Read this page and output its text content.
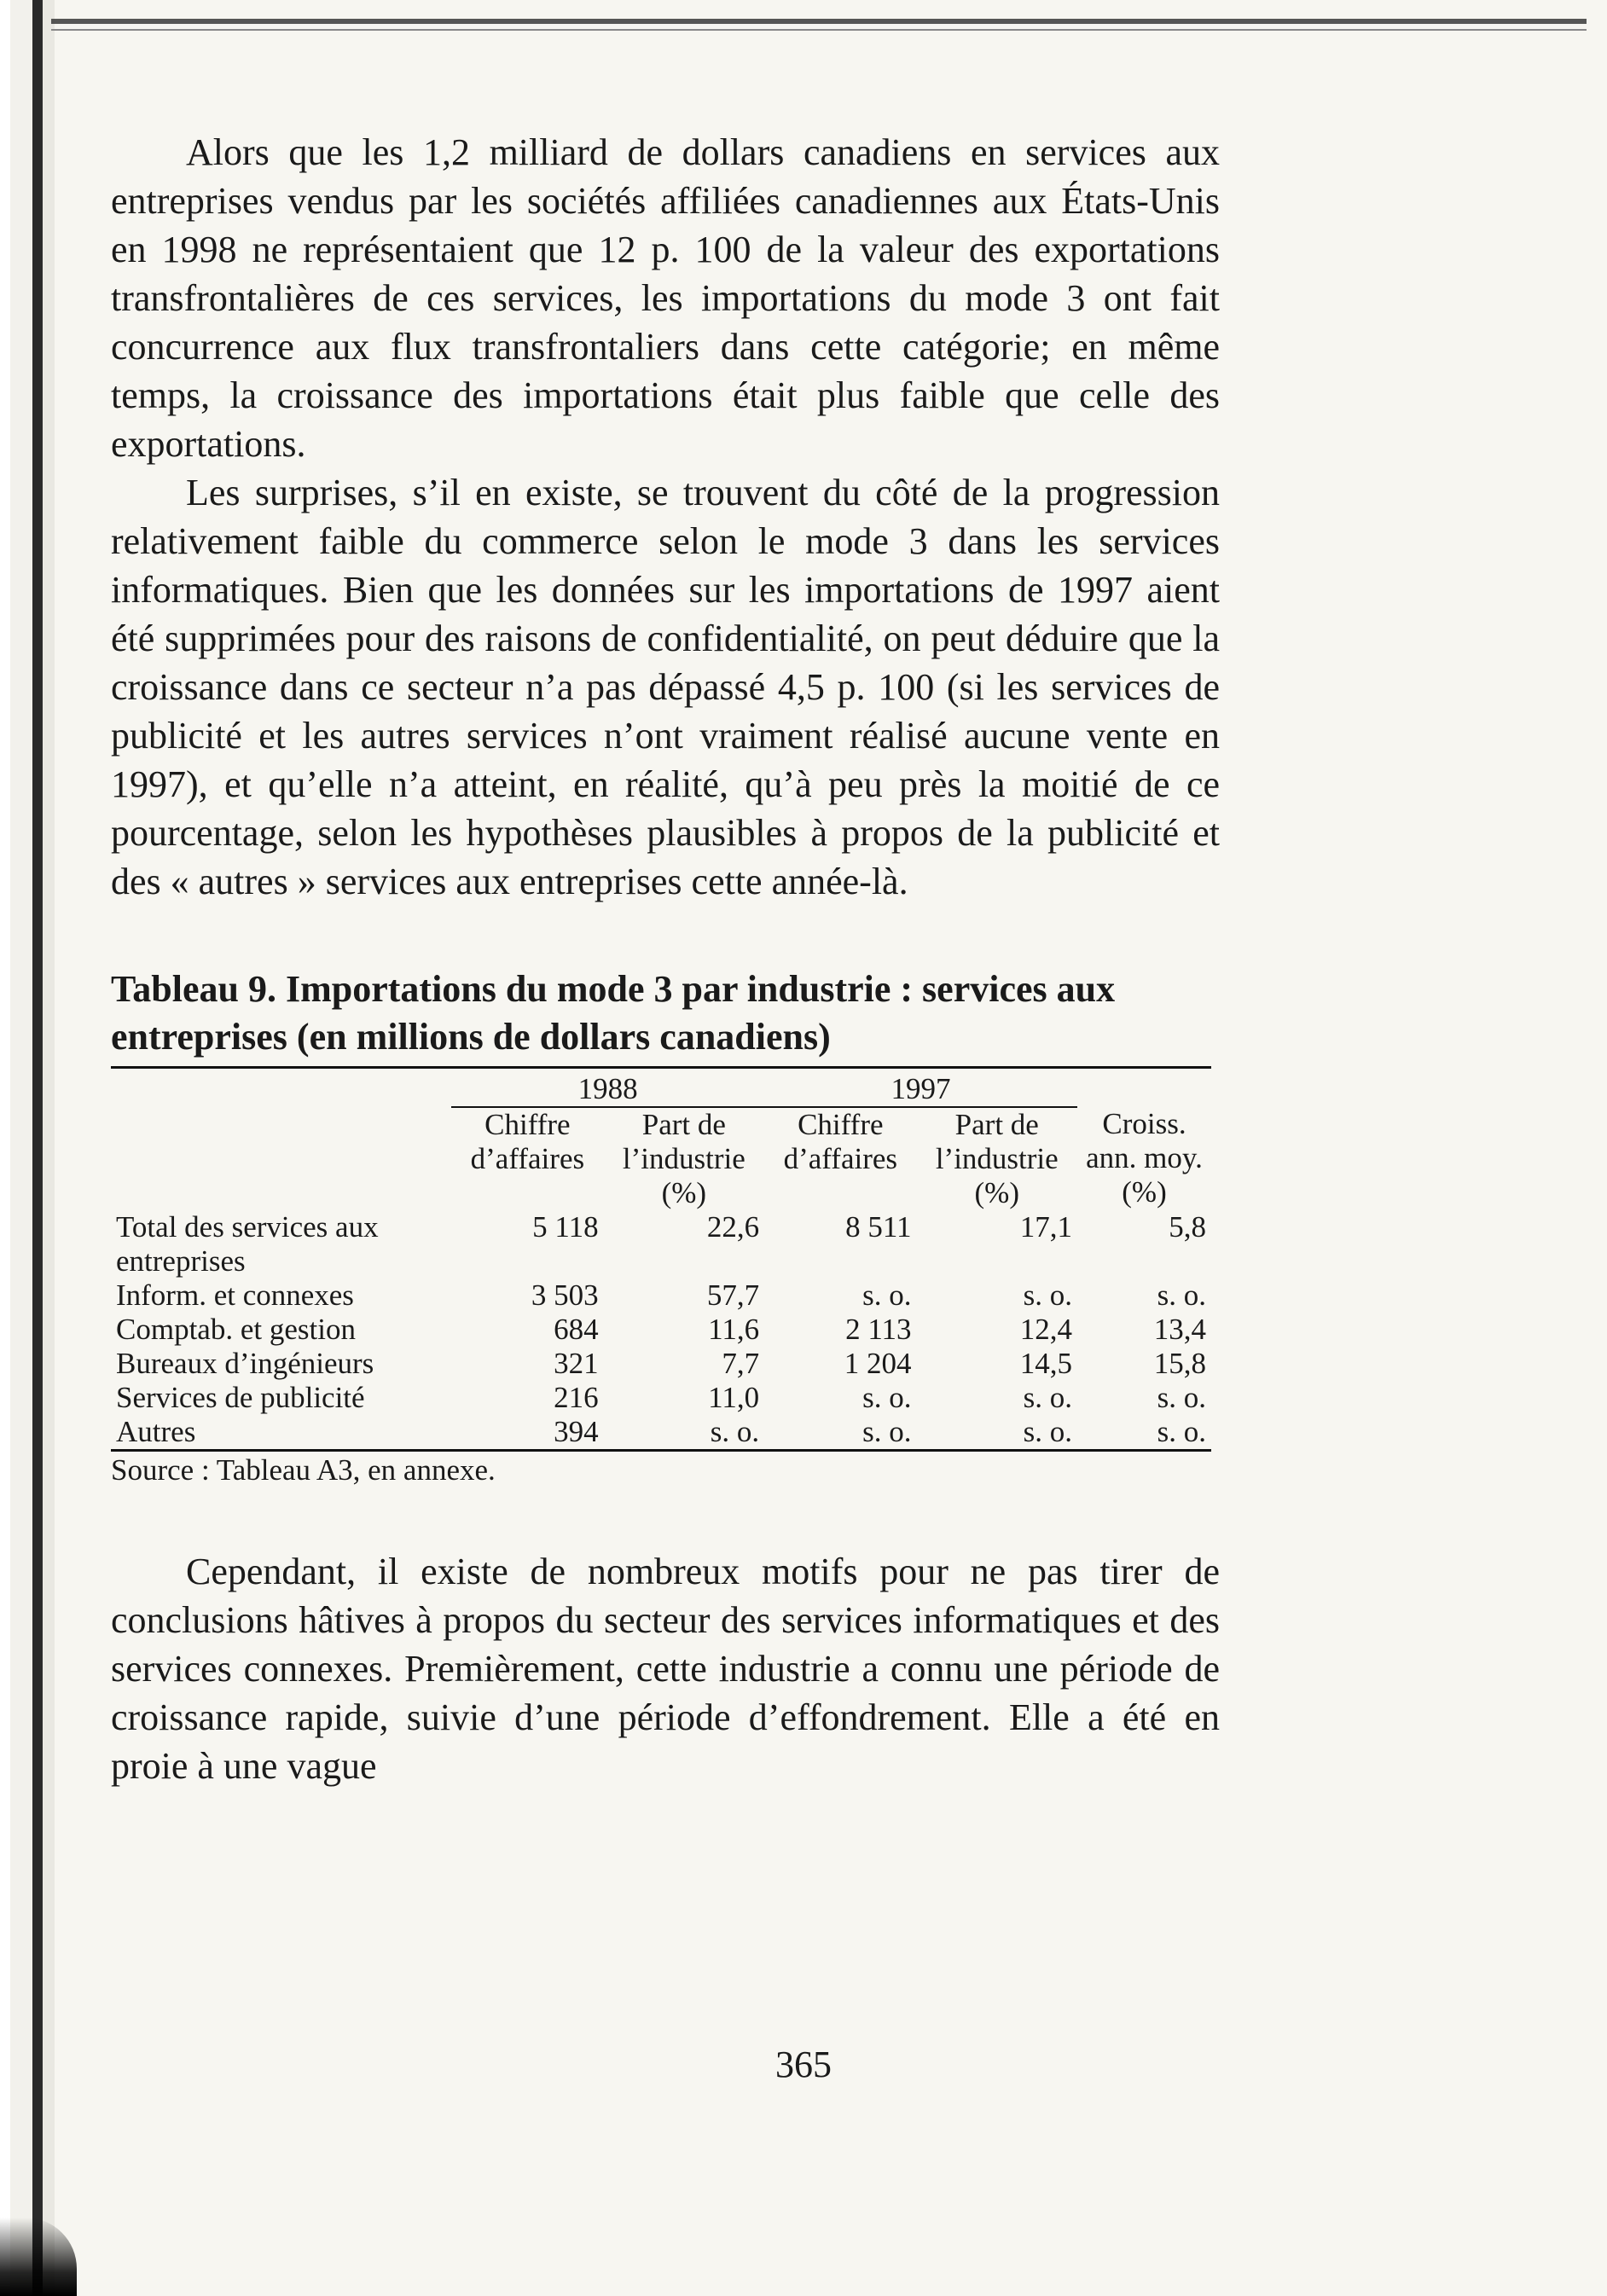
Alors que les 1,2 milliard de dollars canadiens en services aux entreprises vendus par les sociétés affiliées canadiennes aux États-Unis en 1998 ne représentaient que 12 p. 100 de la valeur des exportations transfrontalières de ces services, les importations du mode 3 ont fait concurrence aux flux transfrontaliers dans cette catégorie; en même temps, la croissance des importations était plus faible que celle des exportations.

Les surprises, s’il en existe, se trouvent du côté de la progression relativement faible du commerce selon le mode 3 dans les services informatiques. Bien que les données sur les importations de 1997 aient été supprimées pour des raisons de confidentialité, on peut déduire que la croissance dans ce secteur n’a pas dépassé 4,5 p. 100 (si les services de publicité et les autres services n’ont vraiment réalisé aucune vente en 1997), et qu’elle n’a atteint, en réalité, qu’à peu près la moitié de ce pourcentage, selon les hypothèses plausibles à propos de la publicité et des « autres » services aux entreprises cette année-là.

Tableau 9. Importations du mode 3 par industrie : services aux entreprises (en millions de dollars canadiens)
	1988		1997		
	Chiffre d’affaires	Part de l’industrie (%)	Chiffre d’affaires	Part de l’industrie (%)	Croiss. ann. moy. (%)
Total des services aux entreprises	5 118	22,6	8 511	17,1	5,8
Inform. et connexes	3 503	57,7	s. o.	s. o.	s. o.
Comptab. et gestion	684	11,6	2 113	12,4	13,4
Bureaux d’ingénieurs	321	7,7	1 204	14,5	15,8
Services de publicité	216	11,0	s. o.	s. o.	s. o.
Autres	394	s. o.	s. o.	s. o.	s. o.

Source : Tableau A3, en annexe.

Cependant, il existe de nombreux motifs pour ne pas tirer de conclusions hâtives à propos du secteur des services informatiques et des services connexes. Premièrement, cette industrie a connu une période de croissance rapide, suivie d’une période d’effondrement. Elle a été en proie à une vague

365
